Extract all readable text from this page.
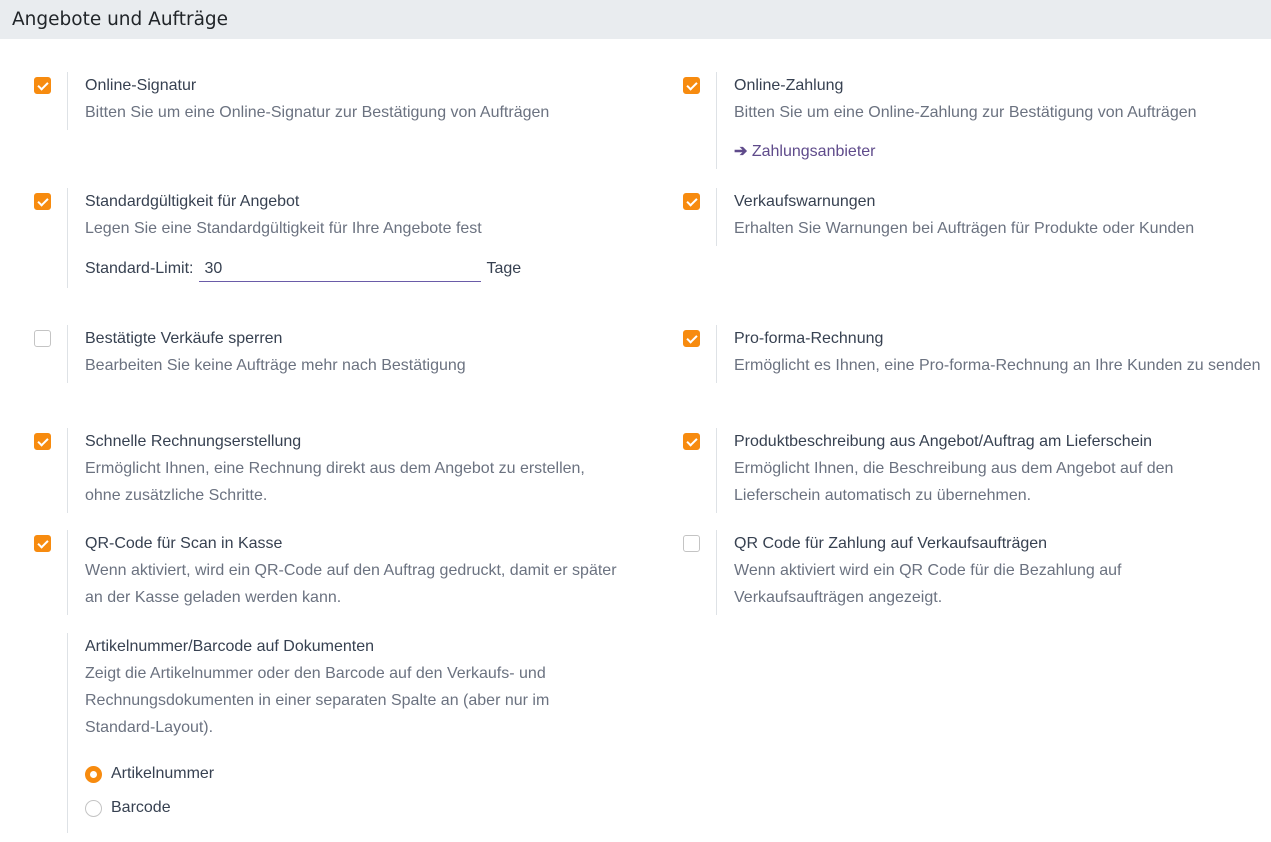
Angebote und Aufträge
Online-Signatur
Bitten Sie um eine Online-Signatur zur Bestätigung von Aufträgen
Online-Zahlung
Bitten Sie um eine Online-Zahlung zur Bestätigung von Aufträgen
➔ Zahlungsanbieter
Standardgültigkeit für Angebot
Legen Sie eine Standardgültigkeit für Ihre Angebote fest
Standard-Limit:
30	Tage
Verkaufswarnungen
Erhalten Sie Warnungen bei Aufträgen für Produkte oder Kunden
Bestätigte Verkäufe sperren
Bearbeiten Sie keine Aufträge mehr nach Bestätigung
Pro-forma-Rechnung
Ermöglicht es Ihnen, eine Pro-forma-Rechnung an Ihre Kunden zu senden
Schnelle Rechnungserstellung
Ermöglicht Ihnen, eine Rechnung direkt aus dem Angebot zu erstellen, ohne zusätzliche Schritte.
Produktbeschreibung aus Angebot/Auftrag am Lieferschein
Ermöglicht Ihnen, die Beschreibung aus dem Angebot auf den Lieferschein automatisch zu übernehmen.
QR-Code für Scan in Kasse
Wenn aktiviert, wird ein QR-Code auf den Auftrag gedruckt, damit er später an der Kasse geladen werden kann.
QR Code für Zahlung auf Verkaufsaufträgen
Wenn aktiviert wird ein QR Code für die Bezahlung auf Verkaufsaufträgen angezeigt.
Artikelnummer/Barcode auf Dokumenten
Zeigt die Artikelnummer oder den Barcode auf den Verkaufs- und Rechnungsdokumenten in einer separaten Spalte an (aber nur im Standard-Layout).
Artikelnummer
Barcode
